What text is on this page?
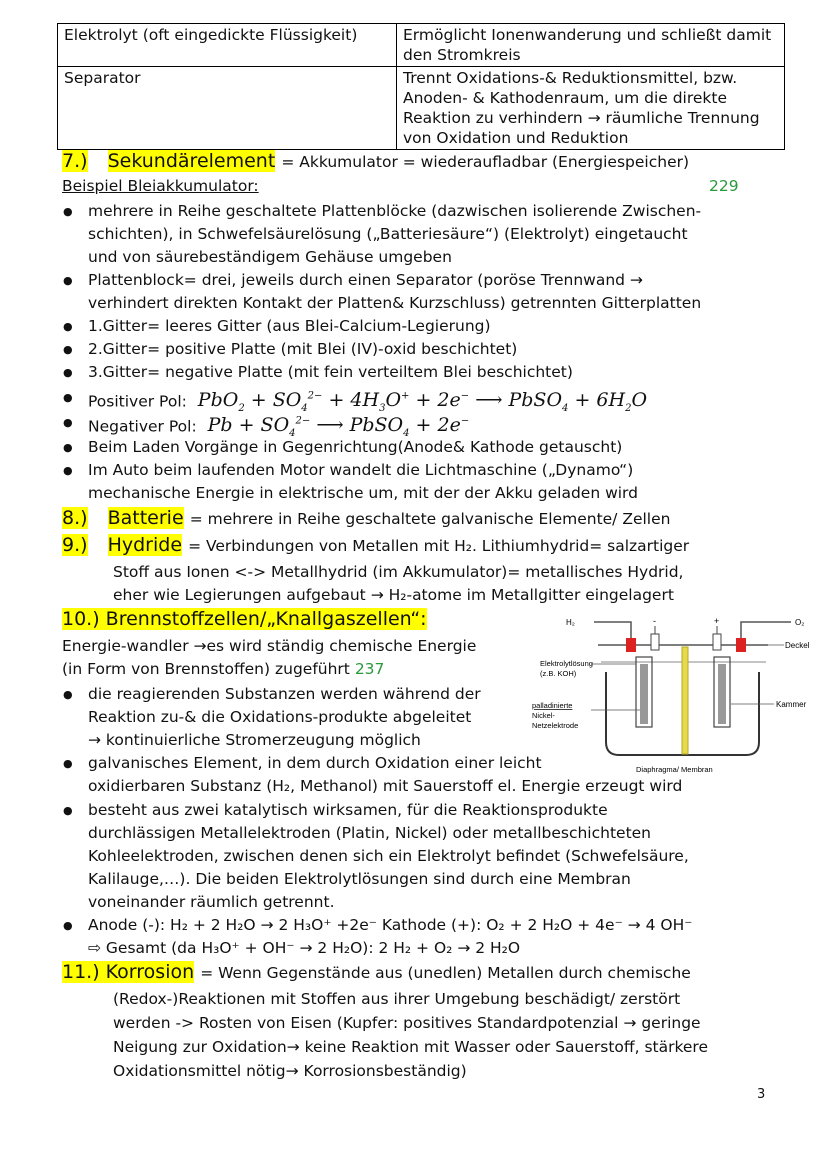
Elektrolyt (oft eingedickte Flüssigkeit)	Ermöglicht Ionenwanderung und schließt damit den Stromkreis
Separator	Trennt Oxidations-& Reduktionsmittel, bzw. Anoden- & Kathodenraum, um die direkte Reaktion zu verhindern → räumliche Trennung von Oxidation und Reduktion
7.) Sekundärelement = Akkumulator = wiederaufladbar (Energiespeicher)
Beispiel Bleiakkumulator:	229
● mehrere in Reihe geschaltete Plattenblöcke (dazwischen isolierende Zwischen-
schichten), in Schwefelsäurelösung („Batteriesäure“) (Elektrolyt) eingetaucht
und von säurebeständigem Gehäuse umgeben
● Plattenblock= drei, jeweils durch einen Separator (poröse Trennwand →
verhindert direkten Kontakt der Platten& Kurzschluss) getrennten Gitterplatten
● 1.Gitter= leeres Gitter (aus Blei-Calcium-Legierung)
● 2.Gitter= positive Platte (mit Blei (IV)-oxid beschichtet)
● 3.Gitter= negative Platte (mit fein verteiltem Blei beschichtet)
● Positiver Pol: $PbO_2 + SO_4^{2-} + 4H_3O^+ + 2e^-$ ⟶ PbSO$_4$ + $6H_2O$
● Negativer Pol: $Pb + SO_4^{2-}$ ⟶ PbSO$_4$ + 2e−
● Beim Laden Vorgänge in Gegenrichtung(Anode& Kathode getauscht)
● Im Auto beim laufenden Motor wandelt die Lichtmaschine („Dynamo“)
mechanische Energie in elektrische um, mit der der Akku geladen wird
8.) Batterie = mehrere in Reihe geschaltete galvanische Elemente/ Zellen
9.) Hydride = Verbindungen von Metallen mit H₂. Lithiumhydrid= salzartiger
Stoff aus Ionen <-> Metallhydrid (im Akkumulator)= metallisches Hydrid,
eher wie Legierungen aufgebaut → H₂-atome im Metallgitter eingelagert
10.) Brennstoffzellen/„Knallgaszellen“:
Energie-wandler →es wird ständig chemische Energie
(in Form von Brennstoffen) zugeführt 237
● die reagierenden Substanzen werden während der
Reaktion zu-& die Oxidations-produkte abgeleitet
→ kontinuierliche Stromerzeugung möglich
● galvanisches Element, in dem durch Oxidation einer leicht
oxidierbaren Substanz (H₂, Methanol) mit Sauerstoff el. Energie erzeugt wird
● besteht aus zwei katalytisch wirksamen, für die Reaktionsprodukte
durchlässigen Metallelektroden (Platin, Nickel) oder metallbeschichteten
Kohleelektroden, zwischen denen sich ein Elektrolyt befindet (Schwefelsäure,
Kalilauge,…). Die beiden Elektrolytlösungen sind durch eine Membran
voneinander räumlich getrennt.
● Anode (-): H₂ + 2 H₂O → 2 H₃O⁺ +2e⁻ Kathode (+): O₂ + 2 H₂O + 4e⁻ → 4 OH⁻
⇨ Gesamt (da H₃O⁺ + OH⁻ → 2 H₂O): 2 H₂ + O₂ → 2 H₂O
H₂	O₂
-	+
Deckel
Elektrolytlösung
(z.B. KOH)
palladinierte
Nickel-
Netzelektrode
Kammer
Diaphragma/ Membran
11.) Korrosion = Wenn Gegenstände aus (unedlen) Metallen durch chemische
(Redox-)Reaktionen mit Stoffen aus ihrer Umgebung beschädigt/ zerstört
werden -> Rosten von Eisen (Kupfer: positives Standardpotenzial → geringe
Neigung zur Oxidation→ keine Reaktion mit Wasser oder Sauerstoff, stärkere
Oxidationsmittel nötig→ Korrosionsbeständig)
3
